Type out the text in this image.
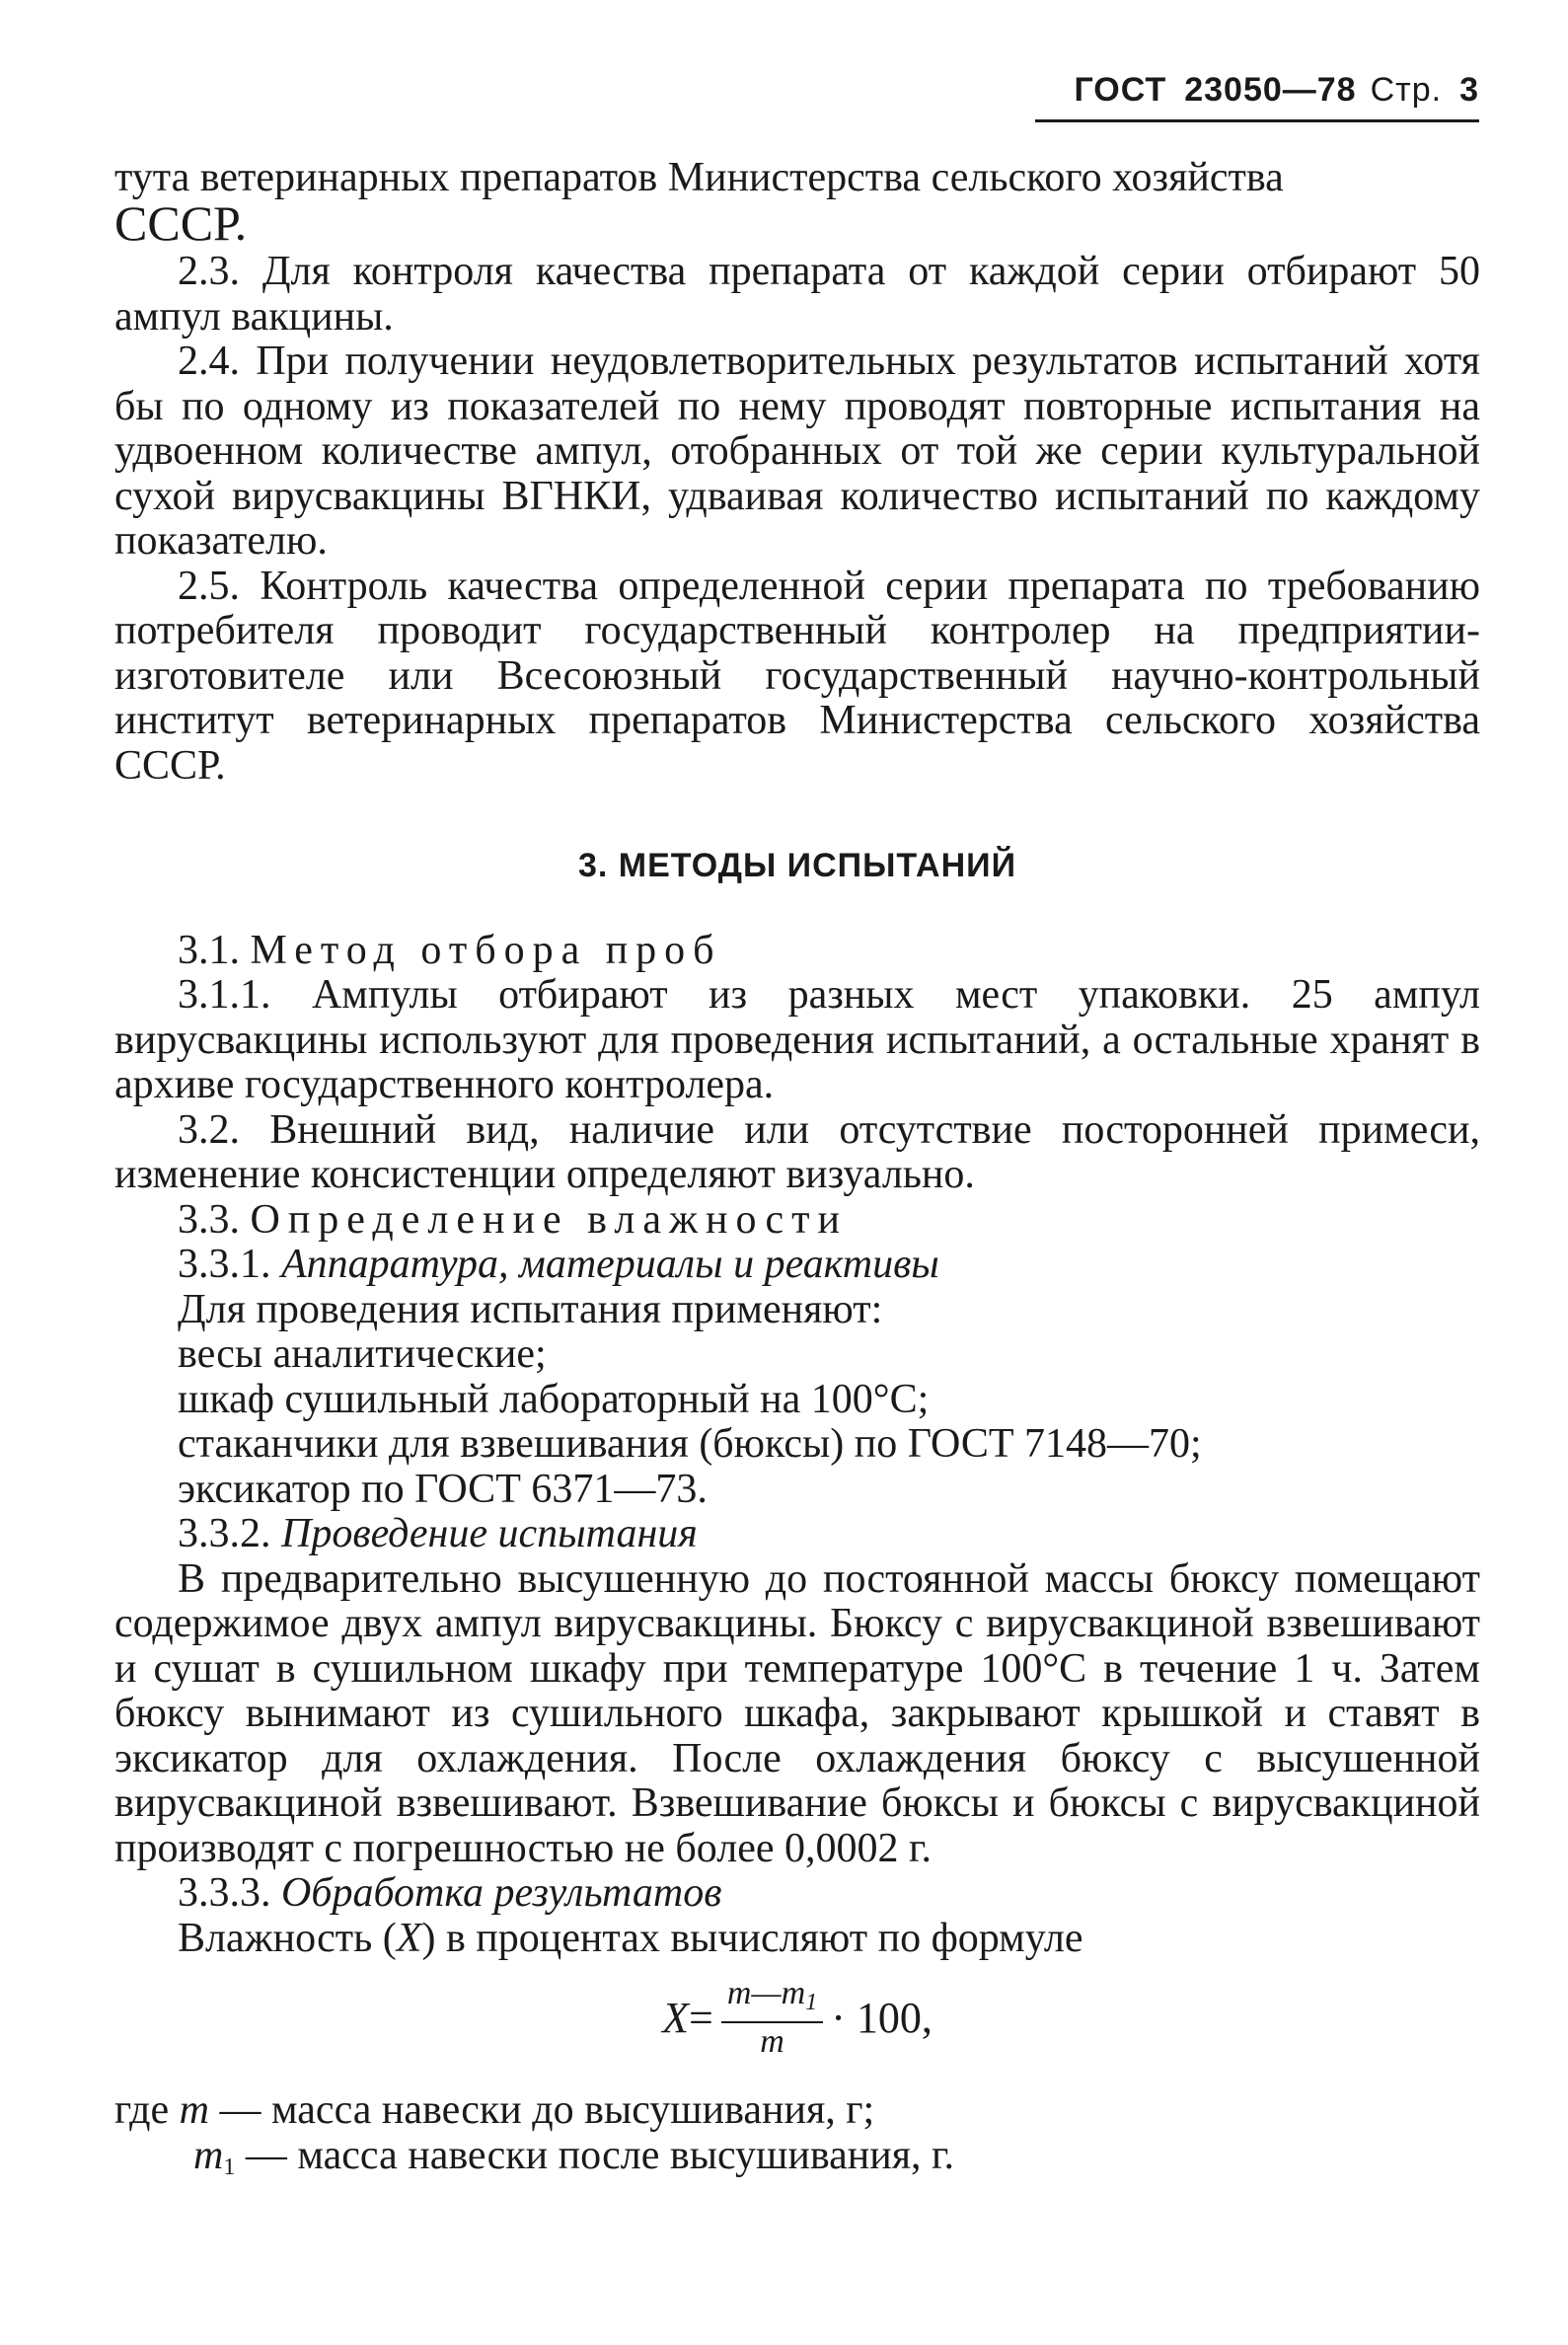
ГОСТ 23050—78 Стр. 3

тута ветеринарных препаратов Министерства сельского хозяйства
СССР.

2.3. Для контроля качества препарата от каждой серии отбирают 50 ампул вакцины.

2.4. При получении неудовлетворительных результатов испытаний хотя бы по одному из показателей по нему проводят повторные испытания на удвоенном количестве ампул, отобранных от той же серии культуральной сухой вирусвакцины ВГНКИ, удваивая количество испытаний по каждому показателю.

2.5. Контроль качества определенной серии препарата по требованию потребителя проводит государственный контролер на предприятии-изготовителе или Всесоюзный государственный научно-контрольный институт ветеринарных препаратов Министерства сельского хозяйства СССР.

3. МЕТОДЫ ИСПЫТАНИЙ

3.1. Метод отбора проб

3.1.1. Ампулы отбирают из разных мест упаковки. 25 ампул вирусвакцины используют для проведения испытаний, а остальные хранят в архиве государственного контролера.

3.2. Внешний вид, наличие или отсутствие посторонней примеси, изменение консистенции определяют визуально.

3.3. Определение влажности

3.3.1. Аппаратура, материалы и реактивы

Для проведения испытания применяют:

весы аналитические;

шкаф сушильный лабораторный на 100°С;

стаканчики для взвешивания (бюксы) по ГОСТ 7148—70;

эксикатор по ГОСТ 6371—73.

3.3.2. Проведение испытания

В предварительно высушенную до постоянной массы бюксу помещают содержимое двух ампул вирусвакцины. Бюксу с вирусвакциной взвешивают и сушат в сушильном шкафу при температуре 100°С в течение 1 ч. Затем бюксу вынимают из сушильного шкафа, закрывают крышкой и ставят в эксикатор для охлаждения. После охлаждения бюксу с высушенной вирусвакциной взвешивают. Взвешивание бюксы и бюксы с вирусвакциной производят с погрешностью не более 0,0002 г.

3.3.3. Обработка результатов

Влажность (X) в процентах вычисляют по формуле

$X = \frac{m—m_1}{m} \cdot 100$,

где m — масса навески до высушивания, г;

$m_1$ — масса навески после высушивания, г.
